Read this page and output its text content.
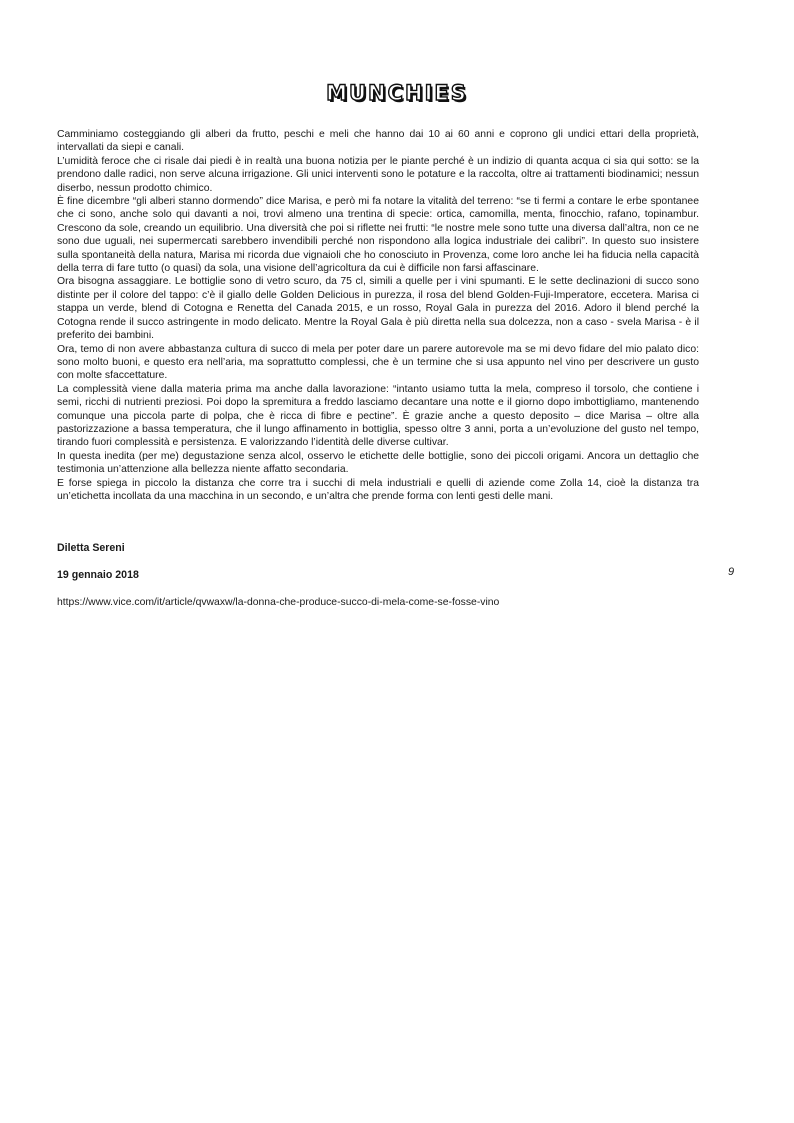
MUNCHIES

Camminiamo costeggiando gli alberi da frutto, peschi e meli che hanno dai 10 ai 60 anni e coprono gli undici ettari della proprietà, intervallati da siepi e canali.

L’umidità feroce che ci risale dai piedi è in realtà una buona notizia per le piante perché è un indizio di quanta acqua ci sia qui sotto: se la prendono dalle radici, non serve alcuna irrigazione. Gli unici interventi sono le potature e la raccolta, oltre ai trattamenti biodinamici; nessun diserbo, nessun prodotto chimico.

È fine dicembre “gli alberi stanno dormendo” dice Marisa, e però mi fa notare la vitalità del terreno: “se ti fermi a contare le erbe spontanee che ci sono, anche solo qui davanti a noi, trovi almeno una trentina di specie: ortica, camomilla, menta, finocchio, rafano, topinambur. Crescono da sole, creando un equilibrio. Una diversità che poi si riflette nei frutti: “le nostre mele sono tutte una diversa dall’altra, non ce ne sono due uguali, nei supermercati sarebbero invendibili perché non rispondono alla logica industriale dei calibri”. In questo suo insistere sulla spontaneità della natura, Marisa mi ricorda due vignaioli che ho conosciuto in Provenza, come loro anche lei ha fiducia nella capacità della terra di fare tutto (o quasi) da sola, una visione dell’agricoltura da cui è difficile non farsi affascinare.

Ora bisogna assaggiare. Le bottiglie sono di vetro scuro, da 75 cl, simili a quelle per i vini spumanti. E le sette declinazioni di succo sono distinte per il colore del tappo: c’è il giallo delle Golden Delicious in purezza, il rosa del blend Golden-Fuji-Imperatore, eccetera. Marisa ci stappa un verde, blend di Cotogna e Renetta del Canada 2015, e un rosso, Royal Gala in purezza del 2016. Adoro il blend perché la Cotogna rende il succo astringente in modo delicato. Mentre la Royal Gala è più diretta nella sua dolcezza, non a caso - svela Marisa - è il preferito dei bambini.

Ora, temo di non avere abbastanza cultura di succo di mela per poter dare un parere autorevole ma se mi devo fidare del mio palato dico: sono molto buoni, e questo era nell’aria, ma soprattutto complessi, che è un termine che si usa appunto nel vino per descrivere un gusto con molte sfaccettature.

La complessità viene dalla materia prima ma anche dalla lavorazione: “intanto usiamo tutta la mela, compreso il torsolo, che contiene i semi, ricchi di nutrienti preziosi. Poi dopo la spremitura a freddo lasciamo decantare una notte e il giorno dopo imbottigliamo, mantenendo comunque una piccola parte di polpa, che è ricca di fibre e pectine”. È grazie anche a questo deposito – dice Marisa – oltre alla pastorizzazione a bassa temperatura, che il lungo affinamento in bottiglia, spesso oltre 3 anni, porta a un’evoluzione del gusto nel tempo, tirando fuori complessità e persistenza. E valorizzando l’identità delle diverse cultivar.

In questa inedita (per me) degustazione senza alcol, osservo le etichette delle bottiglie, sono dei piccoli origami. Ancora un dettaglio che testimonia un’attenzione alla bellezza niente affatto secondaria.

E forse spiega in piccolo la distanza che corre tra i succhi di mela industriali e quelli di aziende come Zolla 14, cioè la distanza tra un’etichetta incollata da una macchina in un secondo, e un’altra che prende forma con lenti gesti delle mani.

Diletta Sereni
19 gennaio 2018	9
https://www.vice.com/it/article/qvwaxw/la-donna-che-produce-succo-di-mela-come-se-fosse-vino
